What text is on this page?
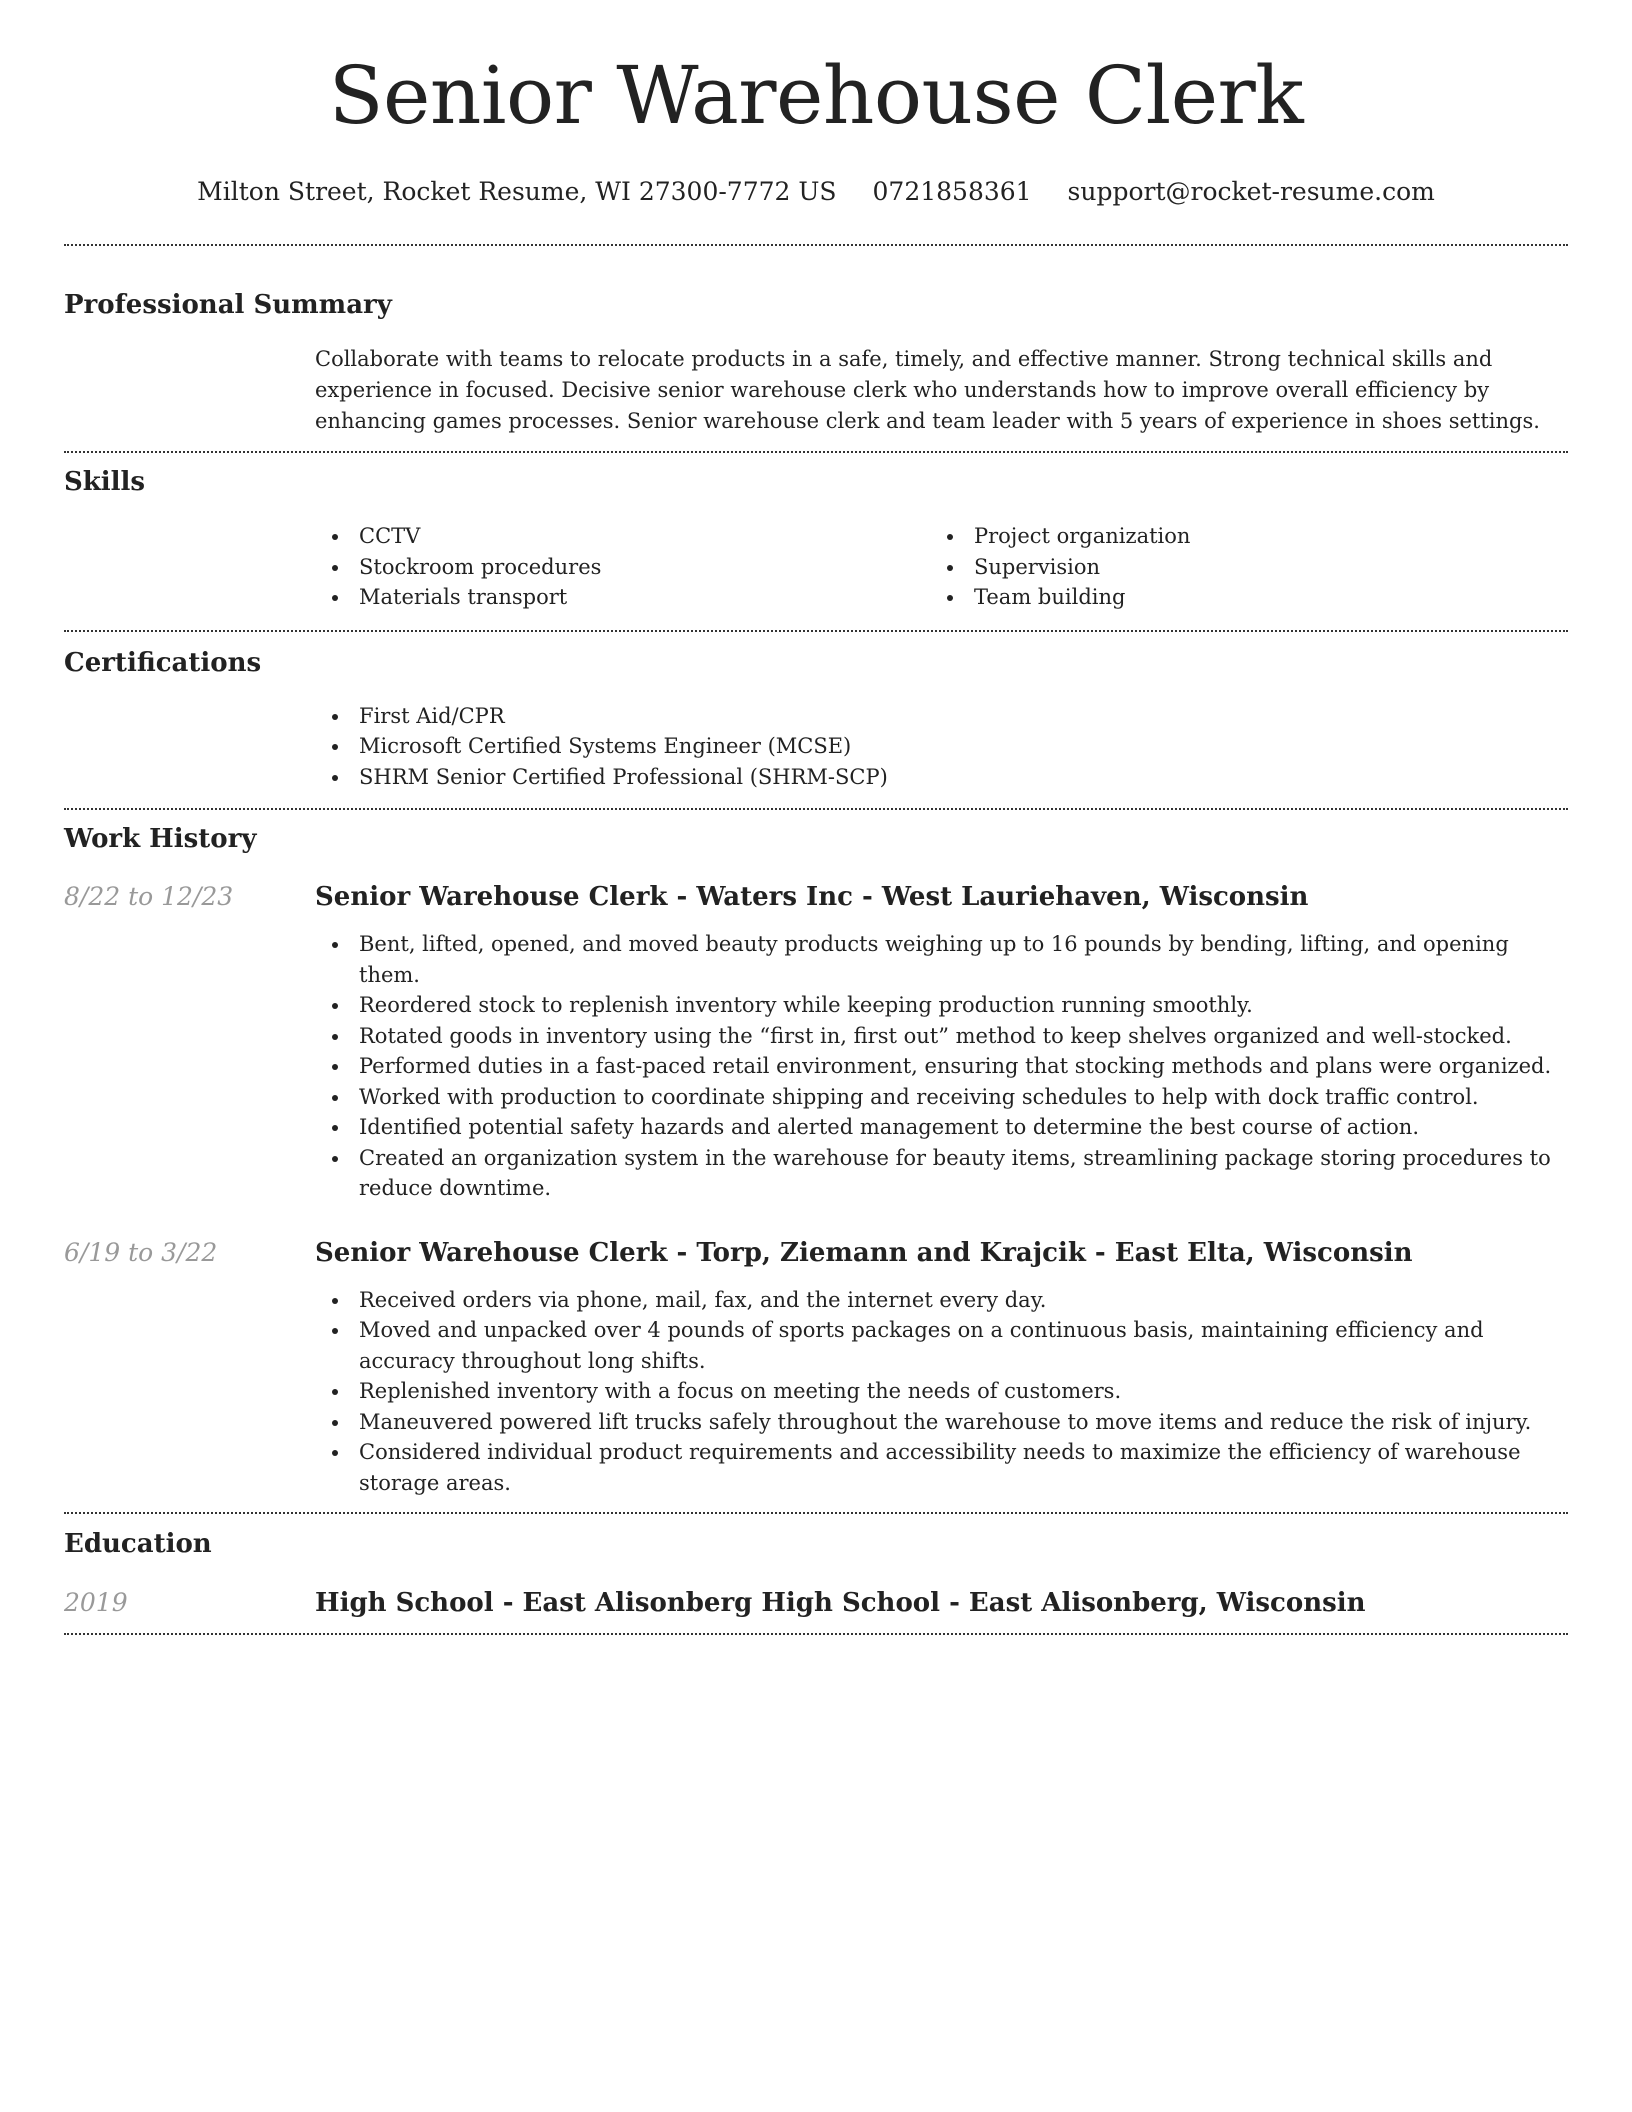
Senior Warehouse Clerk
Milton Street, Rocket Resume, WI 27300-7772 US 0721858361 support@rocket-resume.com
Professional Summary

Collaborate with teams to relocate products in a safe, timely, and effective manner. Strong technical skills and experience in focused. Decisive senior warehouse clerk who understands how to improve overall efficiency by enhancing games processes. Senior warehouse clerk and team leader with 5 years of experience in shoes settings.

Skills
CCTV
Stockroom procedures
Materials transport
Project organization
Supervision
Team building
Certifications
First Aid/CPR
Microsoft Certified Systems Engineer (MCSE)
SHRM Senior Certified Professional (SHRM-SCP)
Work History
8/22 to 12/23	Senior Warehouse Clerk - Waters Inc - West Lauriehaven, Wisconsin
Bent, lifted, opened, and moved beauty products weighing up to 16 pounds by bending, lifting, and opening them.
Reordered stock to replenish inventory while keeping production running smoothly.
Rotated goods in inventory using the “first in, first out” method to keep shelves organized and well-stocked.
Performed duties in a fast-paced retail environment, ensuring that stocking methods and plans were organized.
Worked with production to coordinate shipping and receiving schedules to help with dock traffic control.
Identified potential safety hazards and alerted management to determine the best course of action.
Created an organization system in the warehouse for beauty items, streamlining package storing procedures to reduce downtime.
6/19 to 3/22	Senior Warehouse Clerk - Torp, Ziemann and Krajcik - East Elta, Wisconsin
Received orders via phone, mail, fax, and the internet every day.
Moved and unpacked over 4 pounds of sports packages on a continuous basis, maintaining efficiency and accuracy throughout long shifts.
Replenished inventory with a focus on meeting the needs of customers.
Maneuvered powered lift trucks safely throughout the warehouse to move items and reduce the risk of injury.
Considered individual product requirements and accessibility needs to maximize the efficiency of warehouse storage areas.
Education
2019	High School - East Alisonberg High School - East Alisonberg, Wisconsin
